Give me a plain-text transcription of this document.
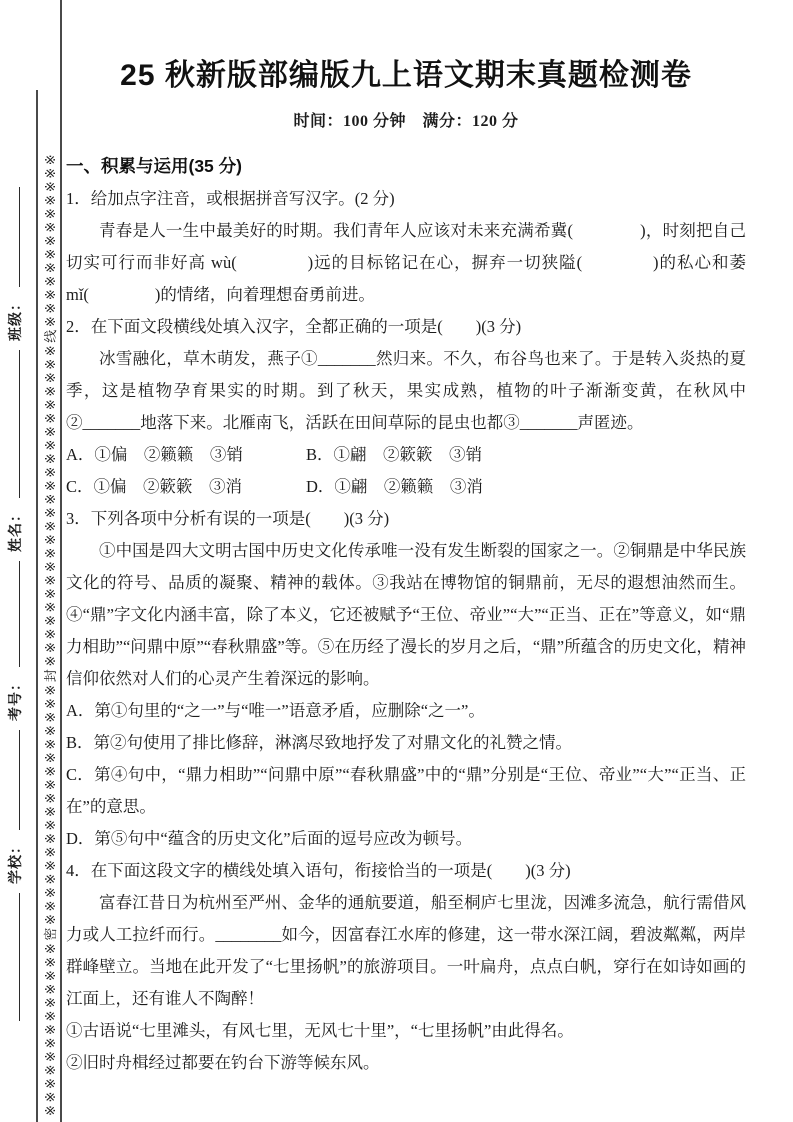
学校：考号：姓名：班级： ※※※※※※※※※※※※※密※※※※※※※※※※※※※※※※※※封※※※※※※※※※※※※※※※※※※※※※※※※线※※※※※※※※※※※※※
25 秋新版部编版九上语文期末真题检测卷
时间：100 分钟　满分：120 分
一、积累与运用(35 分)

1．给加点字注音，或根据拼音写汉字。(2 分)

青春是人一生中最美好的时期。我们青年人应该对未来充满希冀(　　　　)，时刻把自己切实可行而非好高 wù(　　　　)远的目标铭记在心，摒弃一切狭隘(　　　　)的私心和萎 mǐ(　　　　)的情绪，向着理想奋勇前进。

2．在下面文段横线处填入汉字，全都正确的一项是(　　)(3 分)

冰雪融化，草木萌发，燕子①_______然归来。不久，布谷鸟也来了。于是转入炎热的夏季，这是植物孕育果实的时期。到了秋天，果实成熟，植物的叶子渐渐变黄，在秋风中②_______地落下来。北雁南飞，活跃在田间草际的昆虫也都③_______声匿迹。

A．①偏　②籁籁　③销	B．①翩　②簌簌　③销
C．①偏　②簌簌　③消	D．①翩　②籁籁　③消

3．下列各项中分析有误的一项是(　　)(3 分)

①中国是四大文明古国中历史文化传承唯一没有发生断裂的国家之一。②铜鼎是中华民族文化的符号、品质的凝聚、精神的载体。③我站在博物馆的铜鼎前，无尽的遐想油然而生。④“鼎”字文化内涵丰富，除了本义，它还被赋予“王位、帝业”“大”“正当、正在”等意义，如“鼎力相助”“问鼎中原”“春秋鼎盛”等。⑤在历经了漫长的岁月之后，“鼎”所蕴含的历史文化，精神信仰依然对人们的心灵产生着深远的影响。

A．第①句里的“之一”与“唯一”语意矛盾，应删除“之一”。

B．第②句使用了排比修辞，淋漓尽致地抒发了对鼎文化的礼赞之情。

C．第④句中，“鼎力相助”“问鼎中原”“春秋鼎盛”中的“鼎”分别是“王位、帝业”“大”“正当、正在”的意思。

D．第⑤句中“蕴含的历史文化”后面的逗号应改为顿号。

4．在下面这段文字的横线处填入语句，衔接恰当的一项是(　　)(3 分)

富春江昔日为杭州至严州、金华的通航要道，船至桐庐七里泷，因滩多流急，航行需借风力或人工拉纤而行。________如今，因富春江水库的修建，这一带水深江阔，碧波粼粼，两岸群峰壁立。当地在此开发了“七里扬帆”的旅游项目。一叶扁舟，点点白帆，穿行在如诗如画的江面上，还有谁人不陶醉！

①古语说“七里滩头，有风七里，无风七十里”，“七里扬帆”由此得名。

②旧时舟楫经过都要在钓台下游等候东风。
